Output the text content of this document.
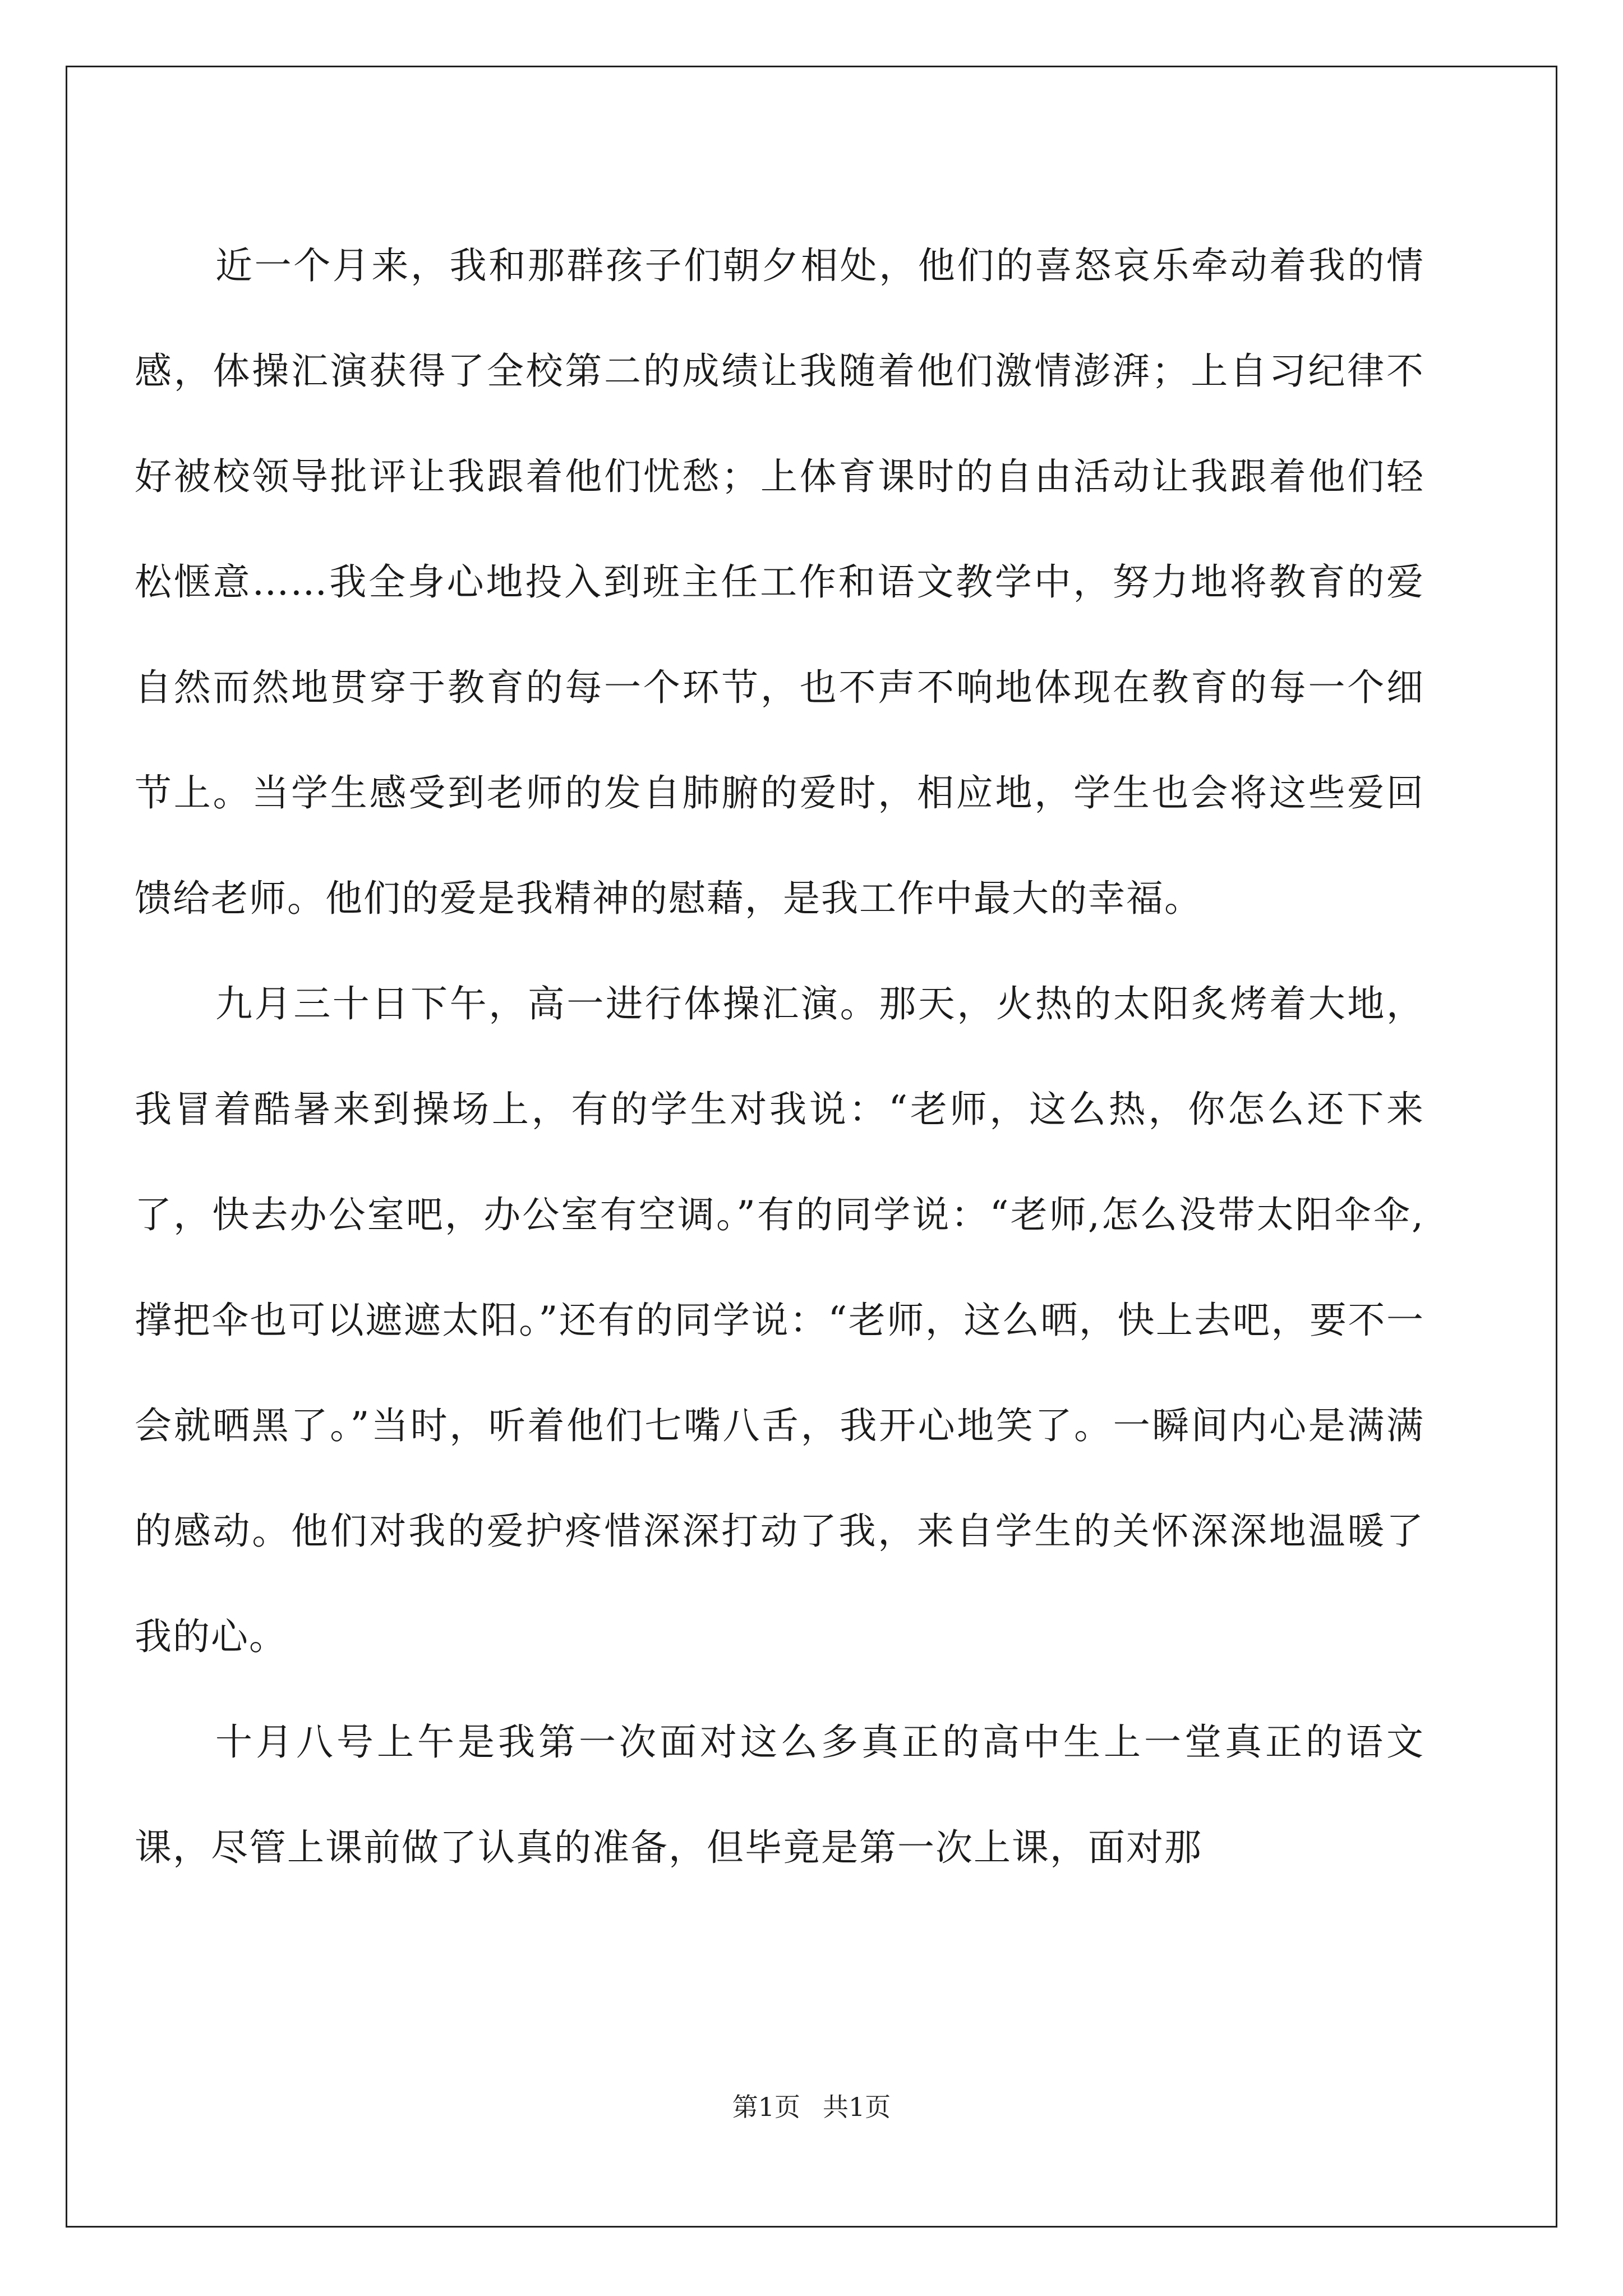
近一个月来，我和那群孩子们朝夕相处，他们的喜怒哀乐牵动着我的情感，体操汇演获得了全校第二的成绩让我随着他们激情澎湃；上自习纪律不好被校领导批评让我跟着他们忧愁；上体育课时的自由活动让我跟着他们轻松惬意……我全身心地投入到班主任工作和语文教学中，努力地将教育的爱自然而然地贯穿于教育的每一个环节，也不声不响地体现在教育的每一个细节上。当学生感受到老师的发自肺腑的爱时，相应地，学生也会将这些爱回馈给老师。他们的爱是我精神的慰藉，是我工作中最大的幸福。

九月三十日下午，高一进行体操汇演。那天，火热的太阳炙烤着大地，我冒着酷暑来到操场上，有的学生对我说：“老师，这么热，你怎么还下来了，快去办公室吧，办公室有空调。”有的同学说：“老师,怎么没带太阳伞伞,撑把伞也可以遮遮太阳。”还有的同学说：“老师，这么晒，快上去吧，要不一会就晒黑了。”当时，听着他们七嘴八舌，我开心地笑了。一瞬间内心是满满的感动。他们对我的爱护疼惜深深打动了我，来自学生的关怀深深地温暖了我的心。

十月八号上午是我第一次面对这么多真正的高中生上一堂真正的语文课，尽管上课前做了认真的准备，但毕竟是第一次上课，面对那

第1页 共1页
